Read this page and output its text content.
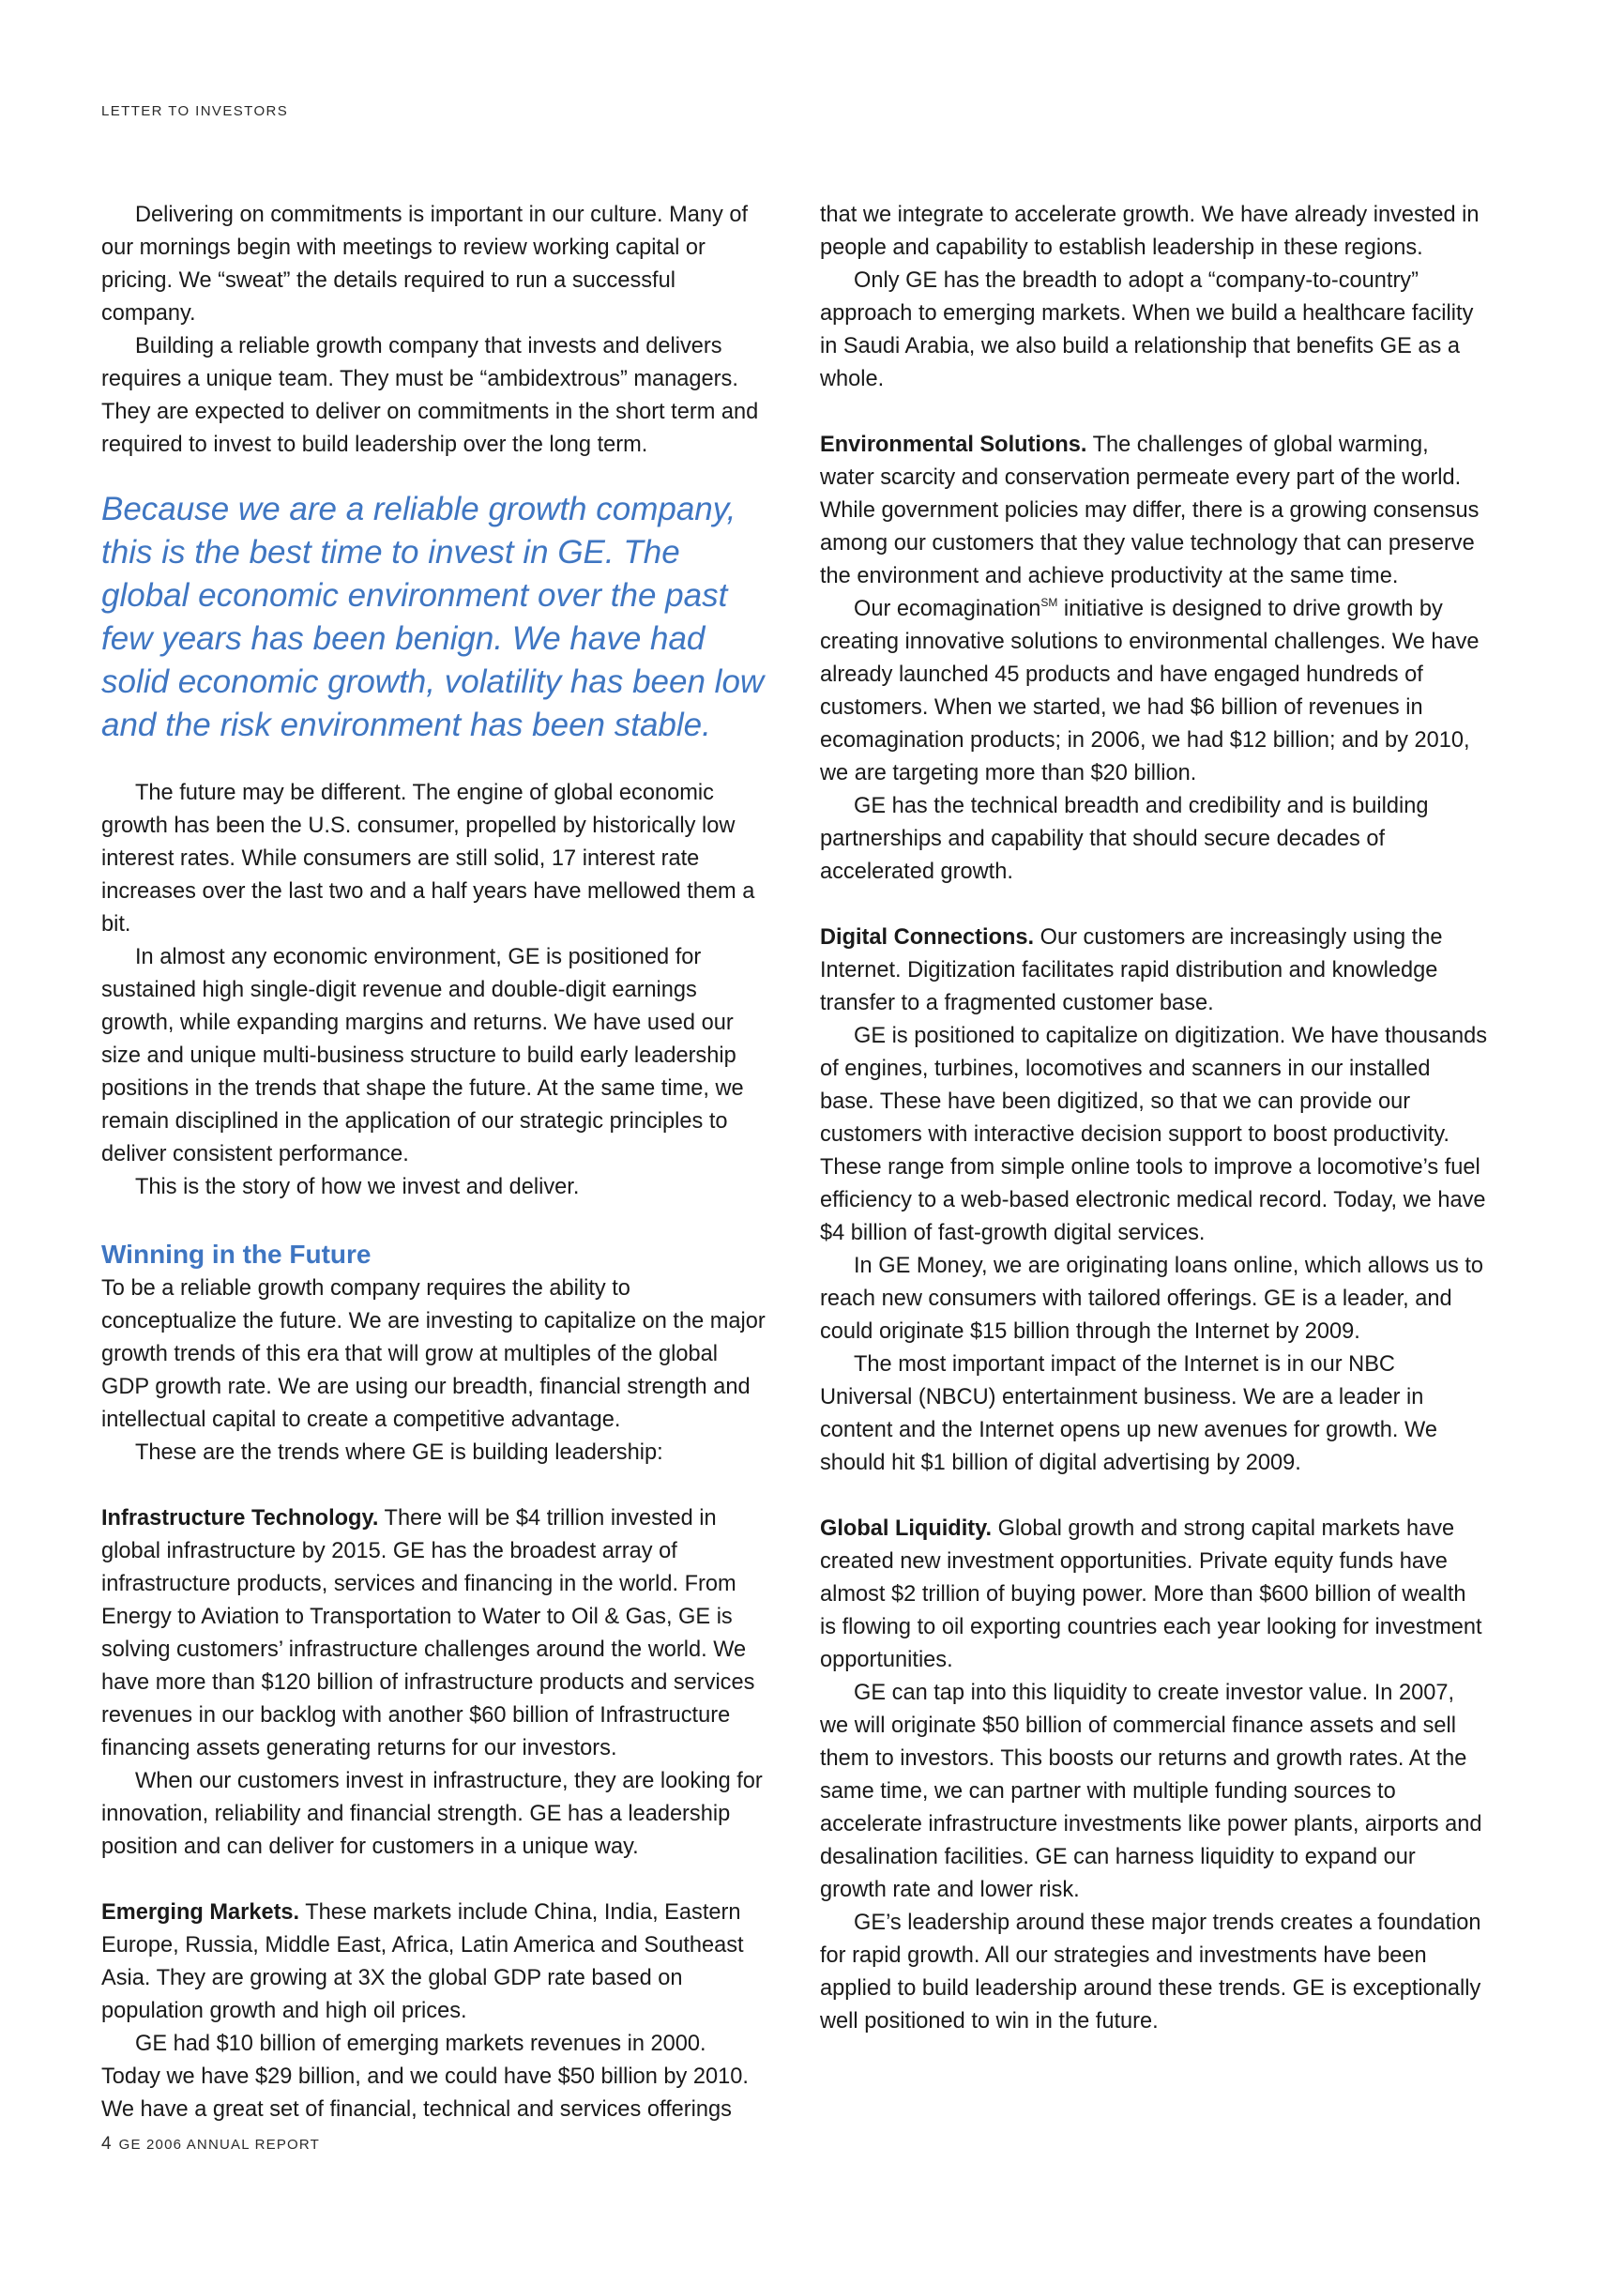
LETTER TO INVESTORS

Delivering on commitments is important in our culture. Many of our mornings begin with meetings to review working capital or pricing. We “sweat” the details required to run a successful company.

Building a reliable growth company that invests and delivers requires a unique team. They must be “ambidextrous” managers. They are expected to deliver on commitments in the short term and required to invest to build leadership over the long term.

Because we are a reliable growth company, this is the best time to invest in GE. The global economic environment over the past few years has been benign. We have had solid economic growth, volatility has been low and the risk environment has been stable.

The future may be different. The engine of global economic growth has been the U.S. consumer, propelled by historically low interest rates. While consumers are still solid, 17 interest rate increases over the last two and a half years have mellowed them a bit.

In almost any economic environment, GE is positioned for sustained high single-digit revenue and double-digit earnings growth, while expanding margins and returns. We have used our size and unique multi-business structure to build early leadership positions in the trends that shape the future. At the same time, we remain disciplined in the application of our strategic principles to deliver consistent performance.

This is the story of how we invest and deliver.

Winning in the Future

To be a reliable growth company requires the ability to conceptualize the future. We are investing to capitalize on the major growth trends of this era that will grow at multiples of the global GDP growth rate. We are using our breadth, financial strength and intellectual capital to create a competitive advantage.

These are the trends where GE is building leadership:

Infrastructure Technology. There will be $4 trillion invested in global infrastructure by 2015. GE has the broadest array of infrastructure products, services and financing in the world. From Energy to Aviation to Transportation to Water to Oil & Gas, GE is solving customers’ infrastructure challenges around the world. We have more than $120 billion of infrastructure products and services revenues in our backlog with another $60 billion of Infrastructure financing assets generating returns for our investors.

When our customers invest in infrastructure, they are looking for innovation, reliability and financial strength. GE has a leadership position and can deliver for customers in a unique way.

Emerging Markets. These markets include China, India, Eastern Europe, Russia, Middle East, Africa, Latin America and Southeast Asia. They are growing at 3X the global GDP rate based on population growth and high oil prices.

GE had $10 billion of emerging markets revenues in 2000. Today we have $29 billion, and we could have $50 billion by 2010. We have a great set of financial, technical and services offerings

that we integrate to accelerate growth. We have already invested in people and capability to establish leadership in these regions.

Only GE has the breadth to adopt a “company-to-country” approach to emerging markets. When we build a healthcare facility in Saudi Arabia, we also build a relationship that benefits GE as a whole.

Environmental Solutions. The challenges of global warming, water scarcity and conservation permeate every part of the world. While government policies may differ, there is a growing consensus among our customers that they value technology that can preserve the environment and achieve productivity at the same time.

Our ecomagination℠ initiative is designed to drive growth by creating innovative solutions to environmental challenges. We have already launched 45 products and have engaged hundreds of customers. When we started, we had $6 billion of revenues in ecomagination products; in 2006, we had $12 billion; and by 2010, we are targeting more than $20 billion.

GE has the technical breadth and credibility and is building partnerships and capability that should secure decades of accelerated growth.

Digital Connections. Our customers are increasingly using the Internet. Digitization facilitates rapid distribution and knowledge transfer to a fragmented customer base.

GE is positioned to capitalize on digitization. We have thousands of engines, turbines, locomotives and scanners in our installed base. These have been digitized, so that we can provide our customers with interactive decision support to boost productivity. These range from simple online tools to improve a locomotive’s fuel efficiency to a web-based electronic medical record. Today, we have $4 billion of fast-growth digital services.

In GE Money, we are originating loans online, which allows us to reach new consumers with tailored offerings. GE is a leader, and could originate $15 billion through the Internet by 2009.

The most important impact of the Internet is in our NBC Universal (NBCU) entertainment business. We are a leader in content and the Internet opens up new avenues for growth. We should hit $1 billion of digital advertising by 2009.

Global Liquidity. Global growth and strong capital markets have created new investment opportunities. Private equity funds have almost $2 trillion of buying power. More than $600 billion of wealth is flowing to oil exporting countries each year looking for investment opportunities.

GE can tap into this liquidity to create investor value. In 2007, we will originate $50 billion of commercial finance assets and sell them to investors. This boosts our returns and growth rates. At the same time, we can partner with multiple funding sources to accelerate infrastructure investments like power plants, airports and desalination facilities. GE can harness liquidity to expand our growth rate and lower risk.

GE’s leadership around these major trends creates a foundation for rapid growth. All our strategies and investments have been applied to build leadership around these trends. GE is exceptionally well positioned to win in the future.

4 GE 2006 ANNUAL REPORT
